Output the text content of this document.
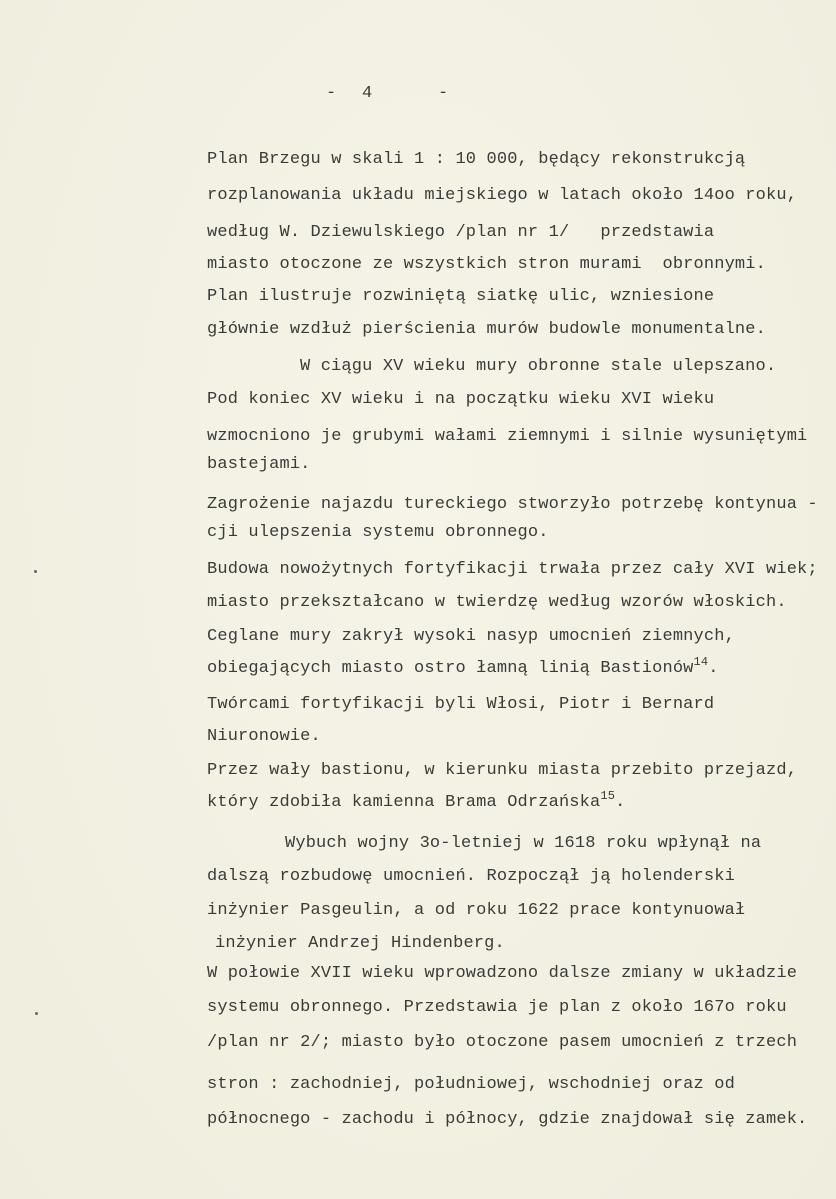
- 4	-
Plan Brzegu w skali 1 : 10 000, będący rekonstrukcją
rozplanowania układu miejskiego w latach około 14oo roku,
według W. Dziewulskiego /plan nr 1/   przedstawia
miasto otoczone ze wszystkich stron murami  obronnymi.
Plan ilustruje rozwiniętą siatkę ulic, wzniesione
głównie wzdłuż pierścienia murów budowle monumentalne.
W ciągu XV wieku mury obronne stale ulepszano.
Pod koniec XV wieku i na początku wieku XVI wieku
wzmocniono je grubymi wałami ziemnymi i silnie wysuniętymi
bastejami.
Zagrożenie najazdu tureckiego stworzyło potrzebę kontynua -
cji ulepszenia systemu obronnego.
Budowa nowożytnych fortyfikacji trwała przez cały XVI wiek;
miasto przekształcano w twierdzę według wzorów włoskich.
Ceglane mury zakrył wysoki nasyp umocnień ziemnych,
obiegających miasto ostro łamną linią Bastionów$^{14}$.
Twórcami fortyfikacji byli Włosi, Piotr i Bernard
Niuronowie.
Przez wały bastionu, w kierunku miasta przebito przejazd,
który zdobiła kamienna Brama Odrzańska$^{15}$.
Wybuch wojny 3o-letniej w 1618 roku wpłynął na
dalszą rozbudowę umocnień. Rozpoczął ją holenderski
inżynier Pasgeulin, a od roku 1622 prace kontynuował
inżynier Andrzej Hindenberg.
W połowie XVII wieku wprowadzono dalsze zmiany w układzie
systemu obronnego. Przedstawia je plan z około 167o roku
/plan nr 2/; miasto było otoczone pasem umocnień z trzech
stron : zachodniej, południowej, wschodniej oraz od
północnego - zachodu i północy, gdzie znajdował się zamek.
